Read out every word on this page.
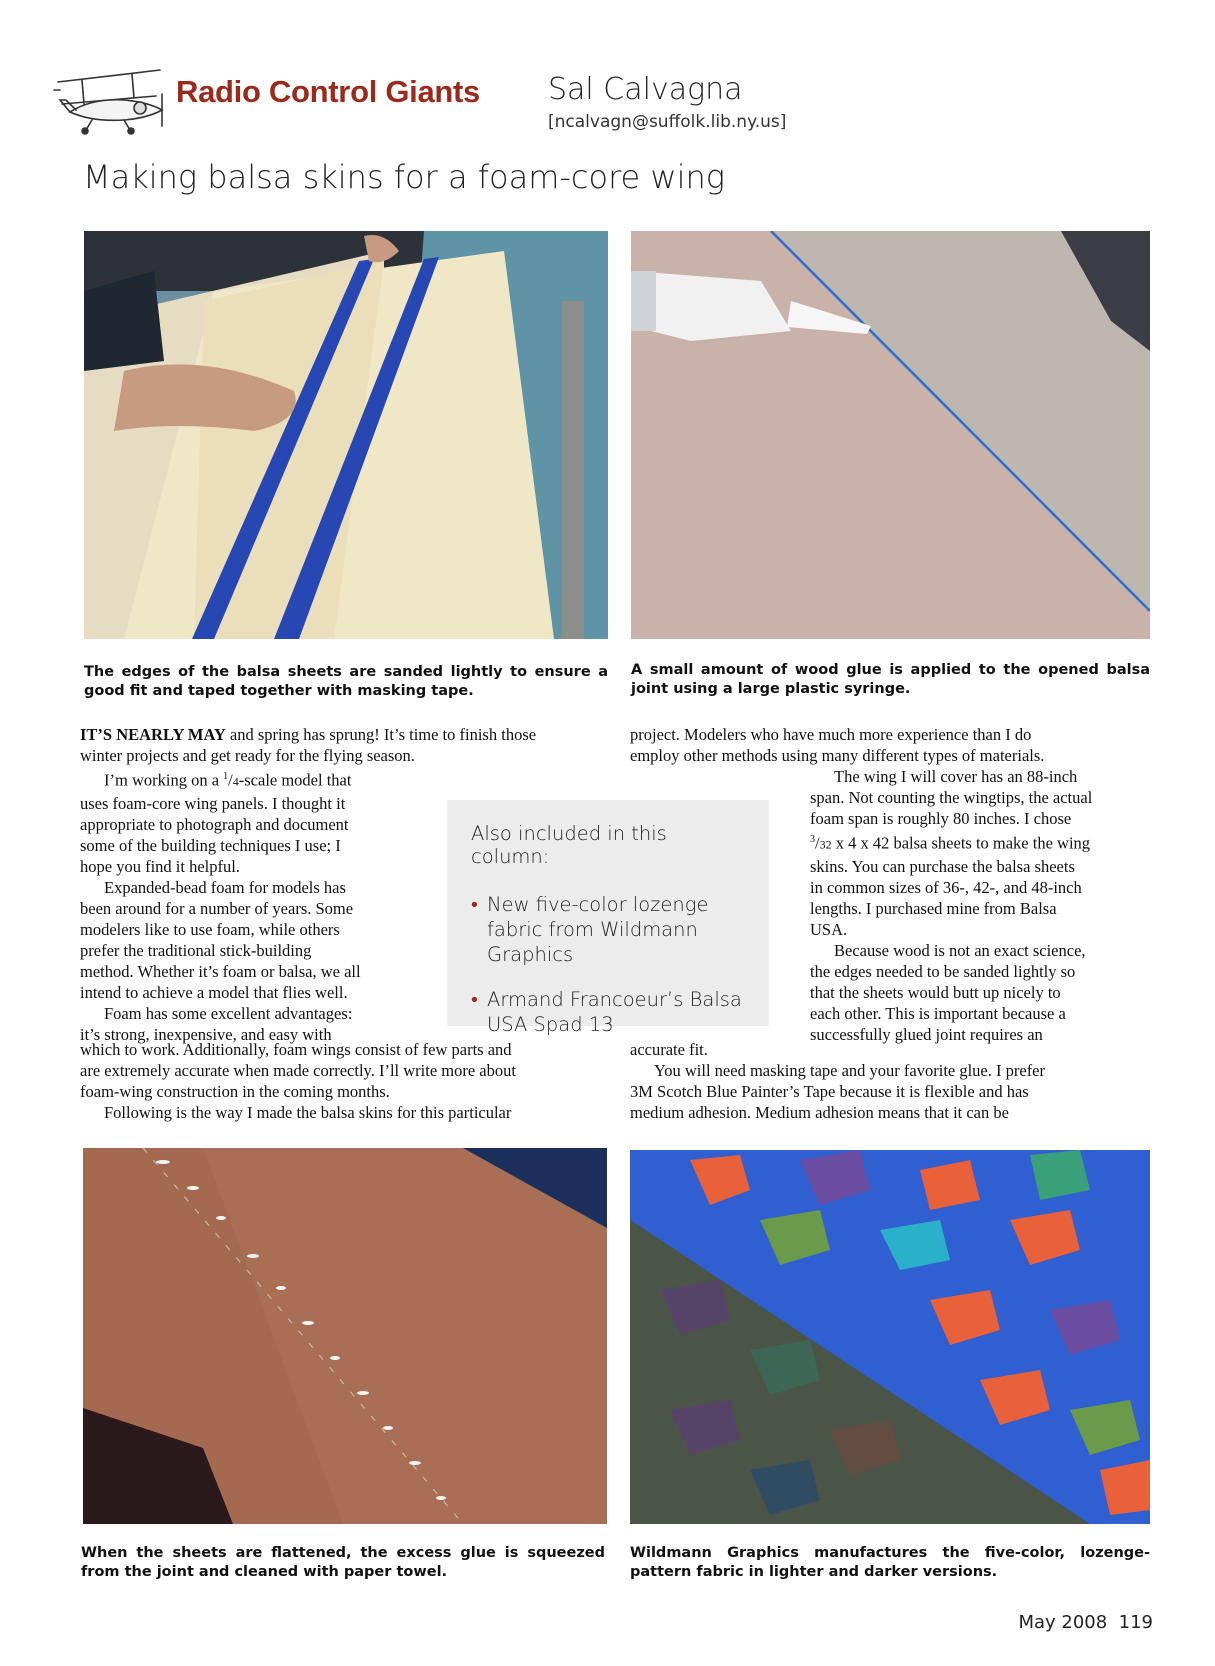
Radio Control Giants Sal Calvagna
[ncalvagn@suffolk.lib.ny.us]
Making balsa skins for a foam-core wing
The edges of the balsa sheets are sanded lightly to ensure a good fit and taped together with masking tape.
A small amount of wood glue is applied to the opened balsa joint using a large plastic syringe.

IT’S NEARLY MAY and spring has sprung! It’s time to finish those winter projects and get ready for the flying season.

I’m working on a $^1$/4-scale model that
uses foam-core wing panels. I thought it
appropriate to photograph and document
some of the building techniques I use; I
hope you find it helpful.

Expanded-bead foam for models has
been around for a number of years. Some
modelers like to use foam, while others
prefer the traditional stick-building
method. Whether it’s foam or balsa, we all
intend to achieve a model that flies well.

Foam has some excellent advantages:
it’s strong, inexpensive, and easy with

which to work. Additionally, foam wings consist of few parts and
are extremely accurate when made correctly. I’ll write more about
foam-wing construction in the coming months.

Following is the way I made the balsa skins for this particular

project. Modelers who have much more experience than I do
employ other methods using many different types of materials.

The wing I will cover has an 88-inch
span. Not counting the wingtips, the actual
foam span is roughly 80 inches. I chose
$^3$/32 x 4 x 42 balsa sheets to make the wing
skins. You can purchase the balsa sheets
in common sizes of 36-, 42-, and 48-inch
lengths. I purchased mine from Balsa
USA.

Because wood is not an exact science,
the edges needed to be sanded lightly so
that the sheets would butt up nicely to
each other. This is important because a
successfully glued joint requires an

accurate fit.

You will need masking tape and your favorite glue. I prefer
3M Scotch Blue Painter’s Tape because it is flexible and has
medium adhesion. Medium adhesion means that it can be

Also included in this column:
• New five-color lozenge fabric from Wildmann Graphics
• Armand Francoeur’s Balsa USA Spad 13
When the sheets are flattened, the excess glue is squeezed from the joint and cleaned with paper towel.
Wildmann Graphics manufactures the five-color, lozenge-pattern fabric in lighter and darker versions.
May 2008 119
